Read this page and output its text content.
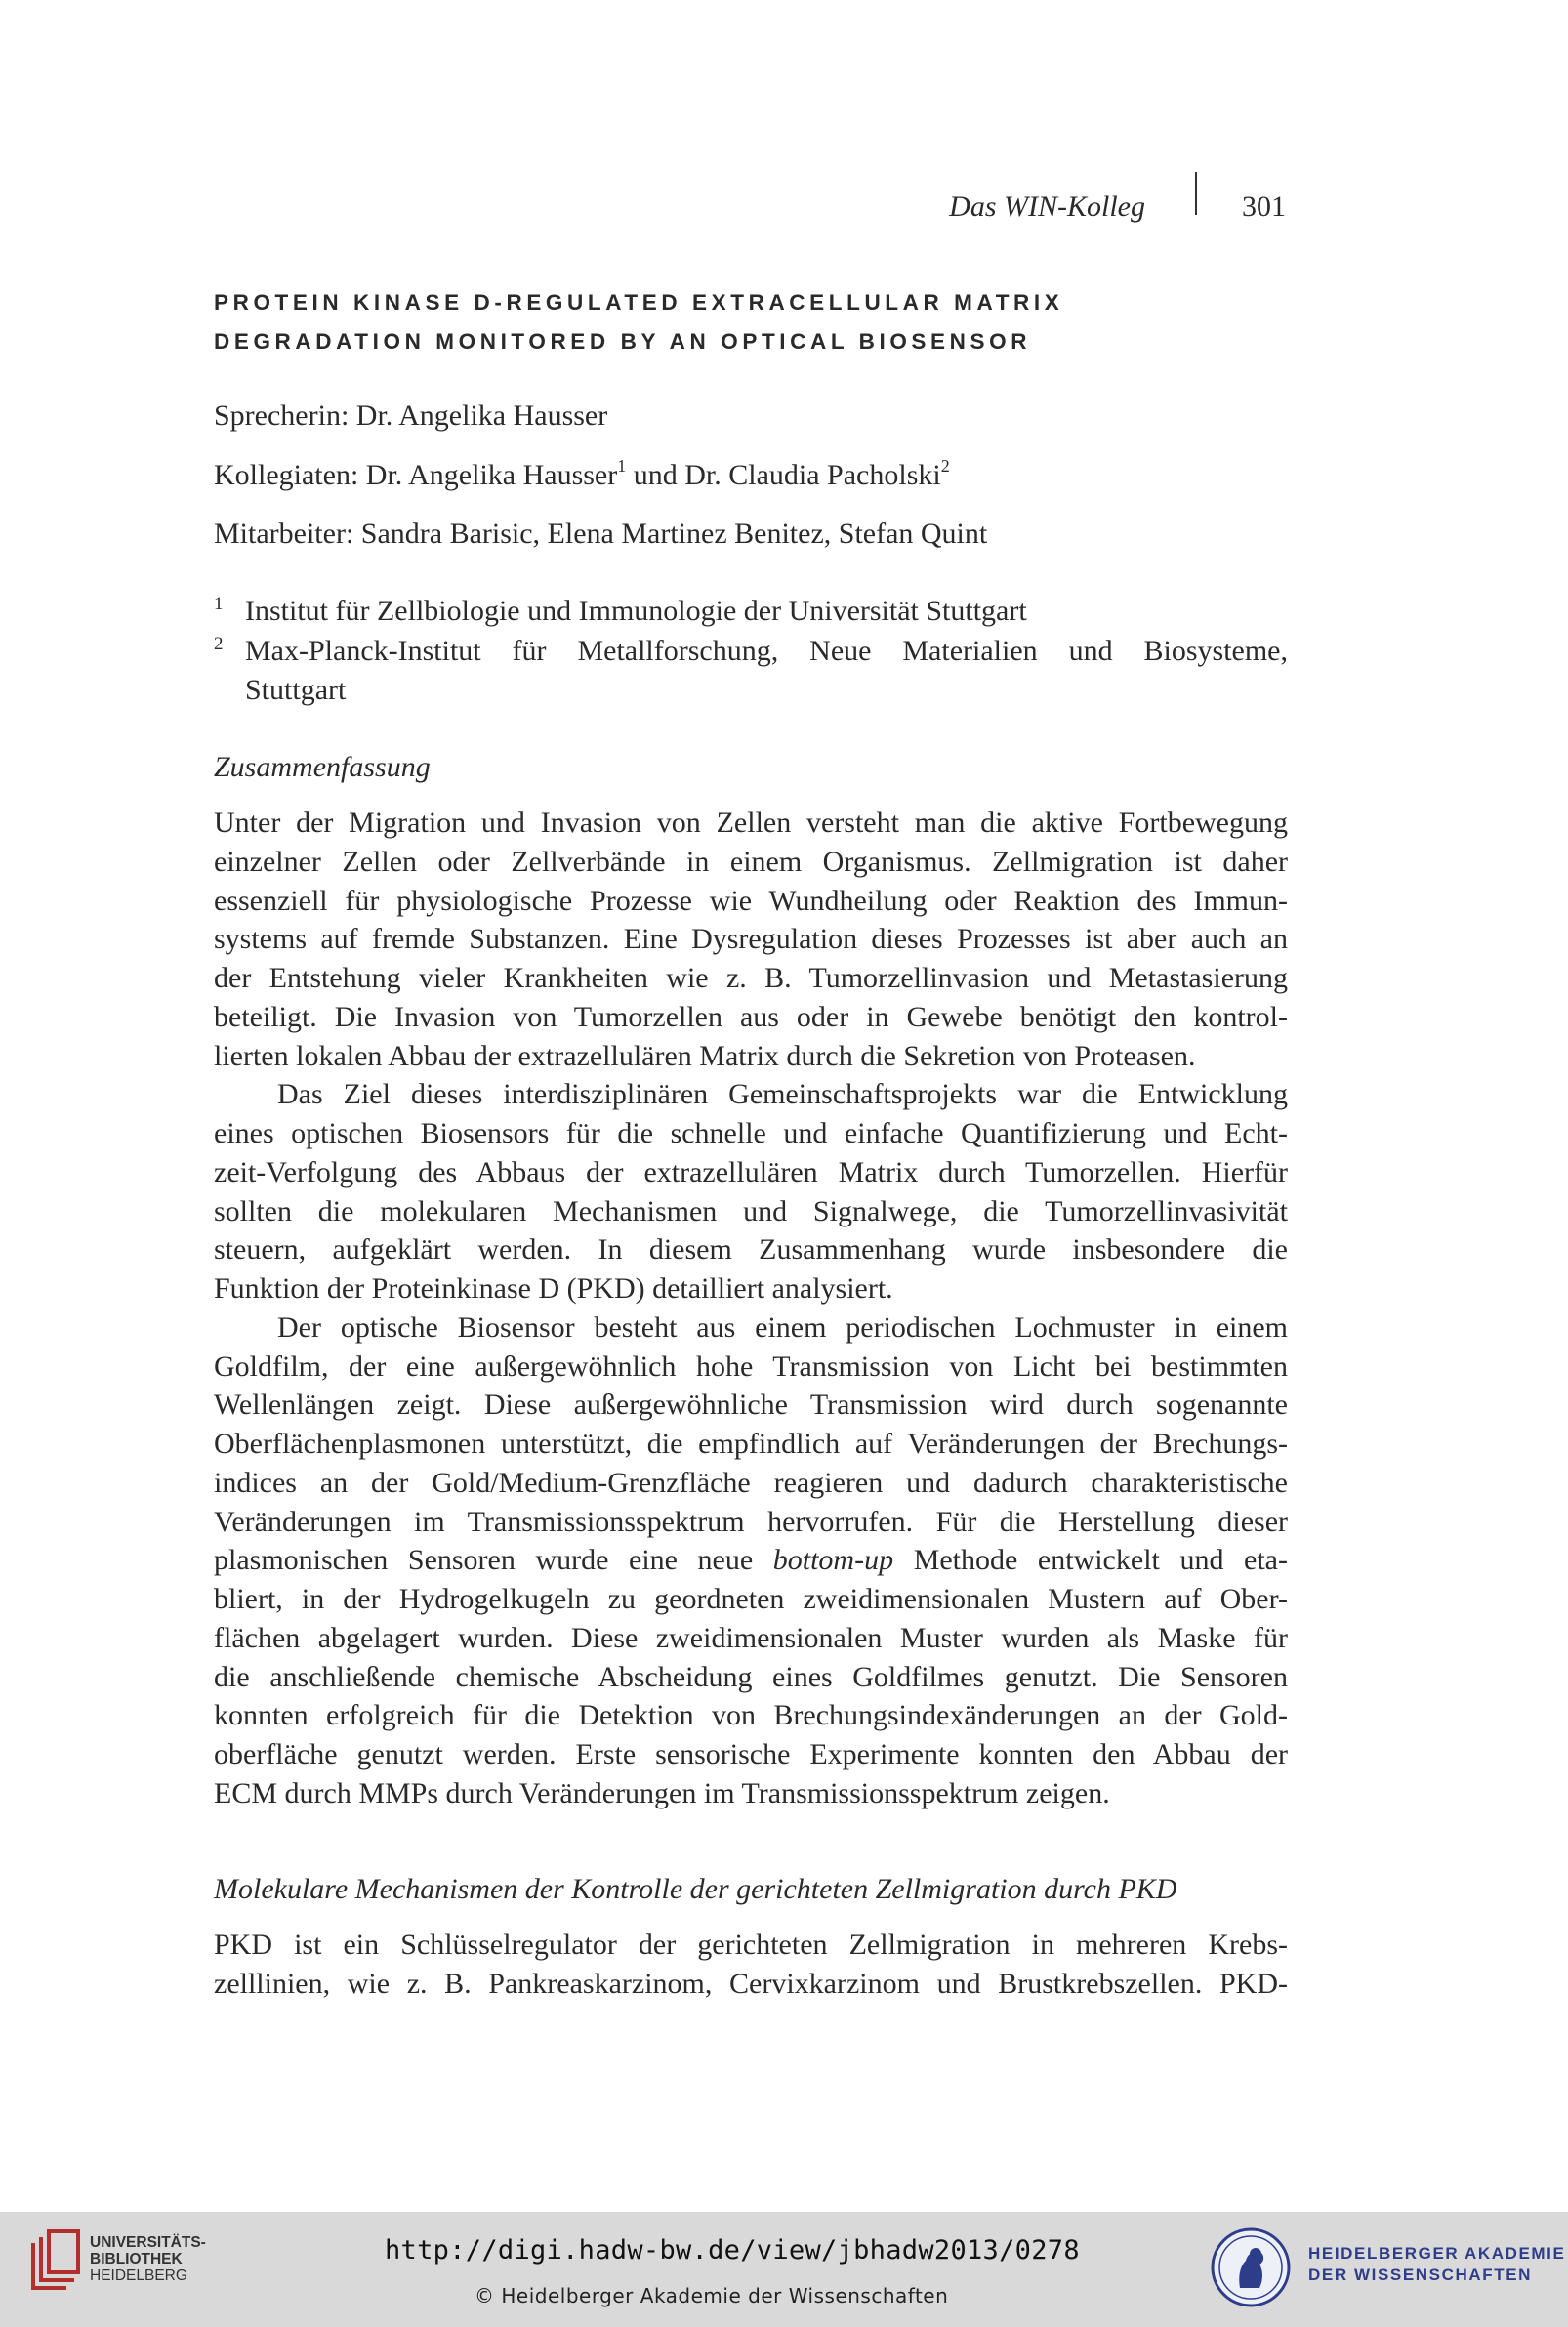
Das WIN-Kolleg	301
PROTEIN KINASE D-REGULATED EXTRACELLULAR MATRIX
DEGRADATION MONITORED BY AN OPTICAL BIOSENSOR
Sprecherin: Dr. Angelika Hausser
Kollegiaten: Dr. Angelika Hausser$^1$ und Dr. Claudia Pacholski$^2$
Mitarbeiter: Sandra Barisic, Elena Martinez Benitez, Stefan Quint
1 Institut für Zellbiologie und Immunologie der Universität Stuttgart
2 Max-Planck-Institut für Metallforschung, Neue Materialien und Biosysteme,
Stuttgart
Zusammenfassung
Unter der Migration und Invasion von Zellen versteht man die aktive Fortbewegung
einzelner Zellen oder Zellverbände in einem Organismus. Zellmigration ist daher
essenziell für physiologische Prozesse wie Wundheilung oder Reaktion des Immun-
systems auf fremde Substanzen. Eine Dysregulation dieses Prozesses ist aber auch an
der Entstehung vieler Krankheiten wie z. B. Tumorzellinvasion und Metastasierung
beteiligt. Die Invasion von Tumorzellen aus oder in Gewebe benötigt den kontrol-
lierten lokalen Abbau der extrazellulären Matrix durch die Sekretion von Proteasen.
Das Ziel dieses interdisziplinären Gemeinschaftsprojekts war die Entwicklung
eines optischen Biosensors für die schnelle und einfache Quantifizierung und Echt-
zeit-Verfolgung des Abbaus der extrazellulären Matrix durch Tumorzellen. Hierfür
sollten die molekularen Mechanismen und Signalwege, die Tumorzellinvasivität
steuern, aufgeklärt werden. In diesem Zusammenhang wurde insbesondere die
Funktion der Proteinkinase D (PKD) detailliert analysiert.
Der optische Biosensor besteht aus einem periodischen Lochmuster in einem
Goldfilm, der eine außergewöhnlich hohe Transmission von Licht bei bestimmten
Wellenlängen zeigt. Diese außergewöhnliche Transmission wird durch sogenannte
Oberflächenplasmonen unterstützt, die empfindlich auf Veränderungen der Brechungs-
indices an der Gold/Medium-Grenzfläche reagieren und dadurch charakteristische
Veränderungen im Transmissionsspektrum hervorrufen. Für die Herstellung dieser
plasmonischen Sensoren wurde eine neue bottom-up Methode entwickelt und eta-
bliert, in der Hydrogelkugeln zu geordneten zweidimensionalen Mustern auf Ober-
flächen abgelagert wurden. Diese zweidimensionalen Muster wurden als Maske für
die anschließende chemische Abscheidung eines Goldfilmes genutzt. Die Sensoren
konnten erfolgreich für die Detektion von Brechungsindexänderungen an der Gold-
oberfläche genutzt werden. Erste sensorische Experimente konnten den Abbau der
ECM durch MMPs durch Veränderungen im Transmissionsspektrum zeigen.
Molekulare Mechanismen der Kontrolle der gerichteten Zellmigration durch PKD
PKD ist ein Schlüsselregulator der gerichteten Zellmigration in mehreren Krebs-
zelllinien, wie z. B. Pankreaskarzinom, Cervixkarzinom und Brustkrebszellen. PKD-
UNIVERSITÄTS-
BIBLIOTHEK
HEIDELBERG
http://digi.hadw-bw.de/view/jbhadw2013/0278
© Heidelberger Akademie der Wissenschaften
HEIDELBERGER AKADEMIE
DER WISSENSCHAFTEN
